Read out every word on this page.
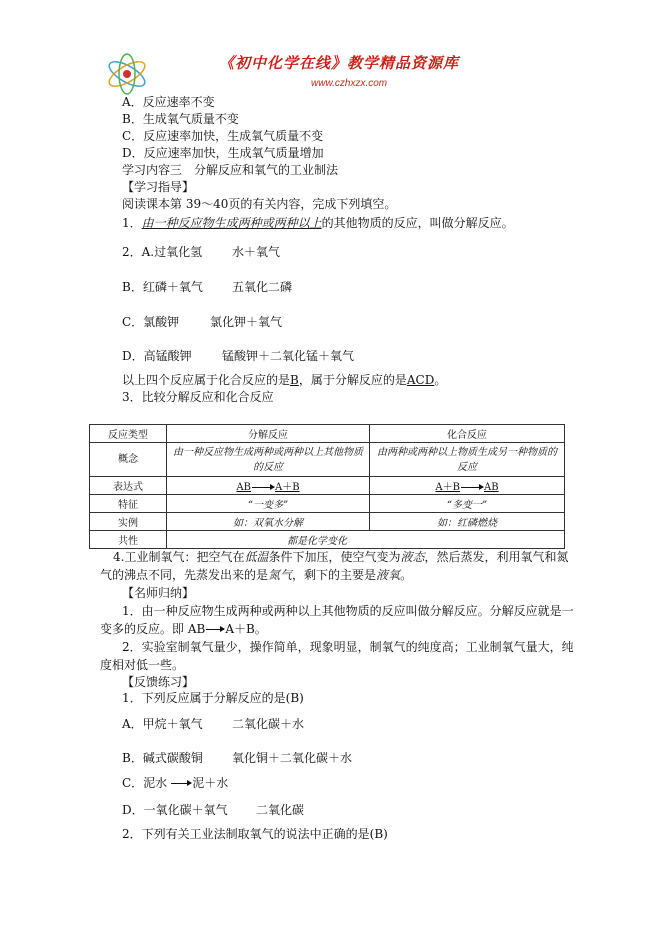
《初中化学在线》教学精品资源库
www.czhxzx.com
A．反应速率不变
B．生成氧气质量不变
C．反应速率加快，生成氧气质量不变
D．反应速率加快，生成氧气质量增加
学习内容三　分解反应和氧气的工业制法
【学习指导】
阅读课本第 39～40页的有关内容，完成下列填空。
1．由一种反应物生成两种或两种以上的其他物质的反应，叫做分解反应。
2．A.过氧化氢 水＋氧气
B．红磷＋氧气 五氧化二磷
C．氯酸钾	氯化钾＋氧气
D．高锰酸钾	锰酸钾＋二氧化锰＋氧气
以上四个反应属于化合反应的是B，属于分解反应的是ACD。
3．比较分解反应和化合反应
反应类型	分解反应	化合反应
概念	由一种反应物生成两种或两种以上其他物质的反应	由两种或两种以上物质生成另一种物质的反应
表达式	AB A＋B	A＋B AB
特征	“一变多”	“多变一”
实例	如：双氧水分解	如：红磷燃烧
共性	都是化学变化	
4.工业制氧气：把空气在低温条件下加压，使空气变为液态，然后蒸发，利用氧气和氮
气的沸点不同，先蒸发出来的是氮气，剩下的主要是液氧。
【名师归纳】
1．由一种反应物生成两种或两种以上其他物质的反应叫做分解反应。分解反应就是一
变多的反应。即 AB A＋B。
2．实验室制氧气量少，操作简单，现象明显，制氧气的纯度高；工业制氧气量大，纯
度相对低一些。
【反馈练习】
1．下列反应属于分解反应的是(B)
A．甲烷＋氧气 二氧化碳＋水
B．碱式碳酸铜 氧化铜＋二氧化碳＋水
C．泥水 泥＋水
D．一氧化碳＋氧气 二氧化碳
2．下列有关工业法制取氧气的说法中正确的是(B)
